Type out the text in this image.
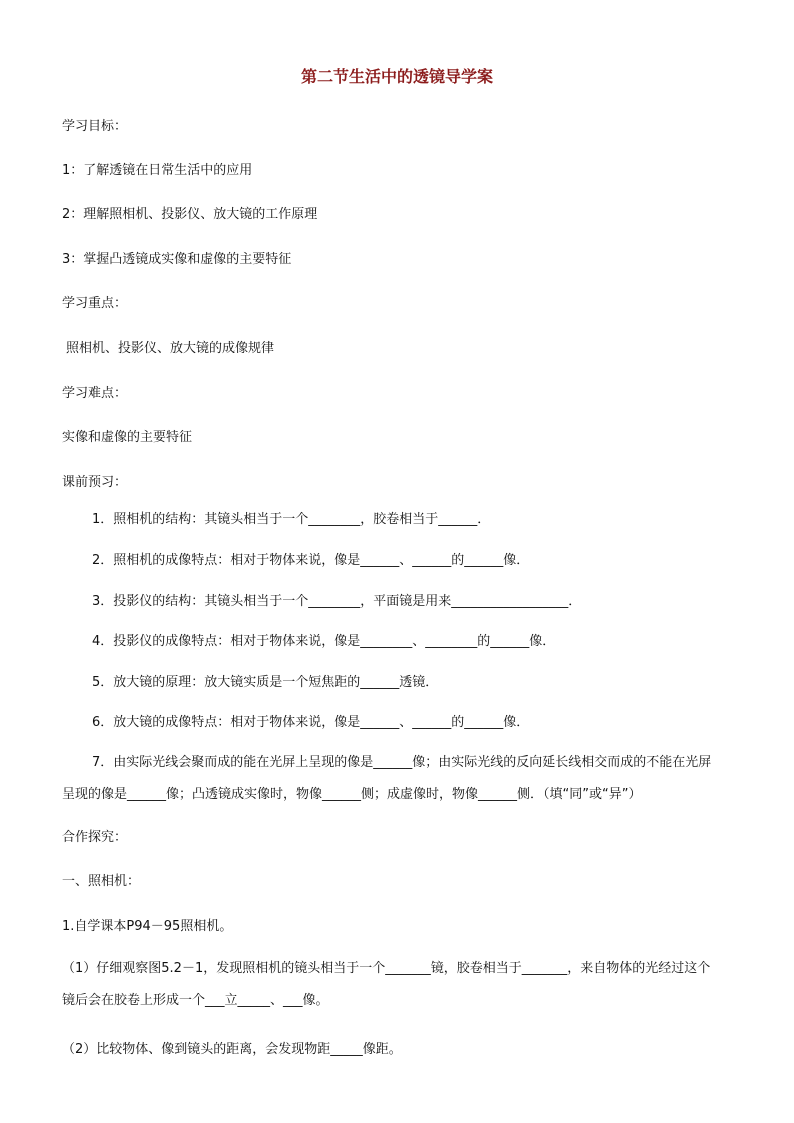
第二节生活中的透镜导学案
学习目标：
1：了解透镜在日常生活中的应用
2：理解照相机、投影仪、放大镜的工作原理
3：掌握凸透镜成实像和虚像的主要特征
学习重点：
照相机、投影仪、放大镜的成像规律
学习难点：
实像和虚像的主要特征
课前预习：
1．照相机的结构：其镜头相当于一个________，胶卷相当于______．
2．照相机的成像特点：相对于物体来说，像是______、______的______像．
3．投影仪的结构：其镜头相当于一个________，平面镜是用来__________________．
4．投影仪的成像特点：相对于物体来说，像是________、________的______像．
5．放大镜的原理：放大镜实质是一个短焦距的______透镜．
6．放大镜的成像特点：相对于物体来说，像是______、______的______像．
7．由实际光线会聚而成的能在光屏上呈现的像是______像；由实际光线的反向延长线相交而成的不能在光屏呈现的像是______像；凸透镜成实像时，物像______侧；成虚像时，物像______侧．（填“同”或“异”）
合作探究：
一、照相机：
1.自学课本P94－95照相机。
（1）仔细观察图5.2－1，发现照相机的镜头相当于一个_______镜，胶卷相当于_______，来自物体的光经过这个镜后会在胶卷上形成一个___立_____、___像。
（2）比较物体、像到镜头的距离，会发现物距_____像距。
